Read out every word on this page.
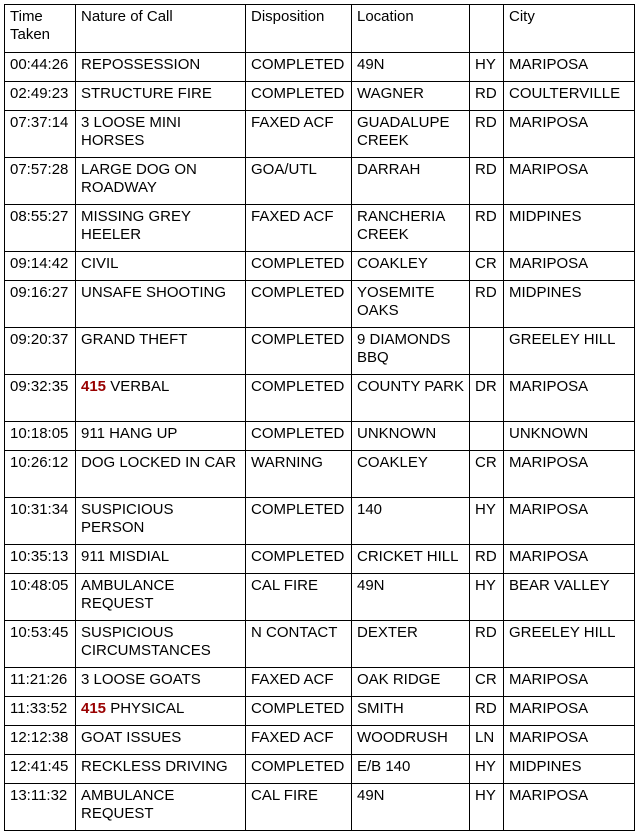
Time Taken	Nature of Call	Disposition	Location		City
00:44:26	REPOSSESSION	COMPLETED	49N	HY	MARIPOSA
02:49:23	STRUCTURE FIRE	COMPLETED	WAGNER	RD	COULTERVILLE
07:37:14	3 LOOSE MINI HORSES	FAXED ACF	GUADALUPE CREEK	RD	MARIPOSA
07:57:28	LARGE DOG ON ROADWAY	GOA/UTL	DARRAH	RD	MARIPOSA
08:55:27	MISSING GREY HEELER	FAXED ACF	RANCHERIA CREEK	RD	MIDPINES
09:14:42	CIVIL	COMPLETED	COAKLEY	CR	MARIPOSA
09:16:27	UNSAFE SHOOTING	COMPLETED	YOSEMITE OAKS	RD	MIDPINES
09:20:37	GRAND THEFT	COMPLETED	9 DIAMONDS BBQ		GREELEY HILL
09:32:35	415 VERBAL	COMPLETED	COUNTY PARK	DR	MARIPOSA
10:18:05	911 HANG UP	COMPLETED	UNKNOWN		UNKNOWN
10:26:12	DOG LOCKED IN CAR	WARNING	COAKLEY	CR	MARIPOSA
10:31:34	SUSPICIOUS PERSON	COMPLETED	140	HY	MARIPOSA
10:35:13	911 MISDIAL	COMPLETED	CRICKET HILL	RD	MARIPOSA
10:48:05	AMBULANCE REQUEST	CAL FIRE	49N	HY	BEAR VALLEY
10:53:45	SUSPICIOUS CIRCUMSTANCES	N CONTACT	DEXTER	RD	GREELEY HILL
11:21:26	3 LOOSE GOATS	FAXED ACF	OAK RIDGE	CR	MARIPOSA
11:33:52	415 PHYSICAL	COMPLETED	SMITH	RD	MARIPOSA
12:12:38	GOAT ISSUES	FAXED ACF	WOODRUSH	LN	MARIPOSA
12:41:45	RECKLESS DRIVING	COMPLETED	E/B 140	HY	MIDPINES
13:11:32	AMBULANCE REQUEST	CAL FIRE	49N	HY	MARIPOSA
